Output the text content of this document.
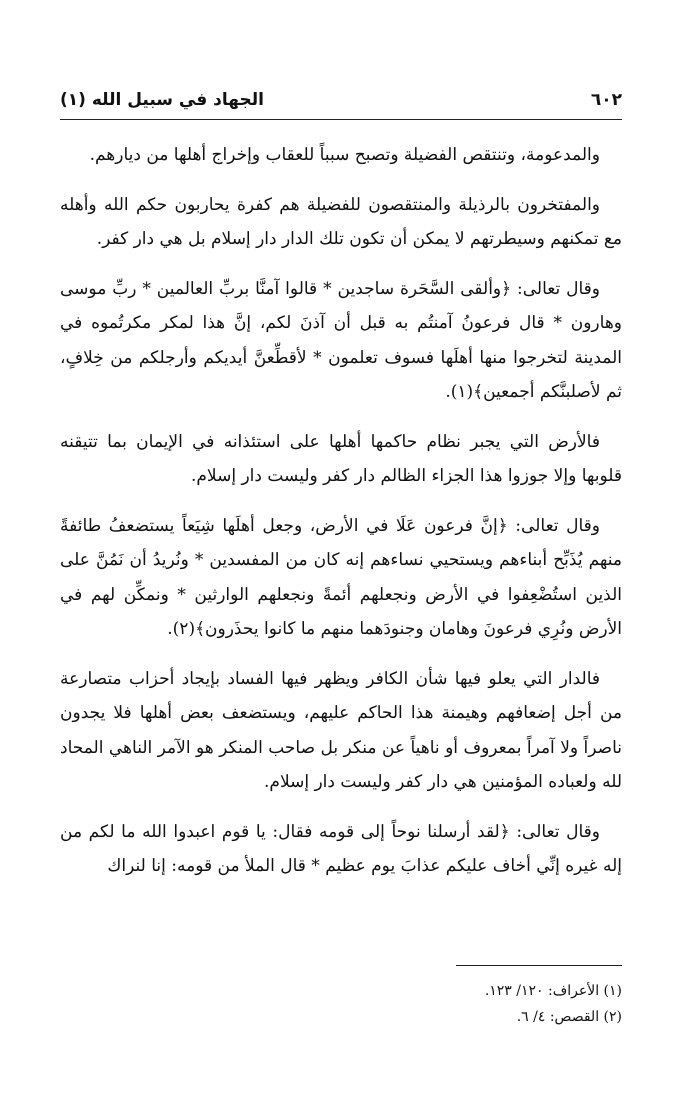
٦٠٢
الجهاد في سبيل الله (١)

والمدعومة، وتنتقص الفضيلة وتصبح سبباً للعقاب وإخراج أهلها من ديارهم.

والمفتخرون بالرذيلة والمنتقصون للفضيلة هم كفرة يحاربون حكم الله وأهله مع تمكنهم وسيطرتهم لا يمكن أن تكون تلك الدار دار إسلام بل هي دار كفر.

وقال تعالى: ﴿وألقى السَّحَرة ساجدين * قالوا آمنَّا بربِّ العالمين * ربِّ موسى وهارون * قال فرعونُ آمنتُم به قبل أن آذنَ لكم، إنَّ هذا لمكر مكرتُموه في المدينة لتخرجوا منها أهلَها فسوف تعلمون * لأقطِّعنَّ أيديكم وأرجلكم من خِلافٍ، ثم لأصلبنَّكم أجمعين﴾(١).

فالأرض التي يجبر نظام حاكمها أهلها على استئذانه في الإيمان بما تتيقنه قلوبها وإلا جوزوا هذا الجزاء الظالم دار كفر وليست دار إسلام.

وقال تعالى: ﴿إنَّ فرعون عَلَا في الأرض، وجعل أهلَها شِيَعاً يستضعفُ طائفةً منهم يُذَبِّح أبناءهم ويستحيي نساءهم إنه كان من المفسدين * ونُريدُ أن نَمُنَّ على الذين استُضْعِفوا في الأرض ونجعلهم أئمةً ونجعلهم الوارثين * ونمكِّن لهم في الأرض ونُرِي فرعونَ وهامان وجنودَهما منهم ما كانوا يحذَرون﴾(٢).

فالدار التي يعلو فيها شأن الكافر ويظهر فيها الفساد بإيجاد أحزاب متصارعة من أجل إضعافهم وهيمنة هذا الحاكم عليهم، ويستضعف بعض أهلها فلا يجدون ناصراً ولا آمراً بمعروف أو ناهياً عن منكر بل صاحب المنكر هو الآمر الناهي المحاد لله ولعباده المؤمنين هي دار كفر وليست دار إسلام.

وقال تعالى: ﴿لقد أرسلنا نوحاً إلى قومه فقال: يا قوم اعبدوا الله ما لكم من إله غيره إنِّي أخاف عليكم عذابَ يوم عظيم * قال الملأ من قومه: إنا لنراك

(١) الأعراف: ١٢٠/ ١٢٣.
(٢) القصص: ٤/ ٦.
